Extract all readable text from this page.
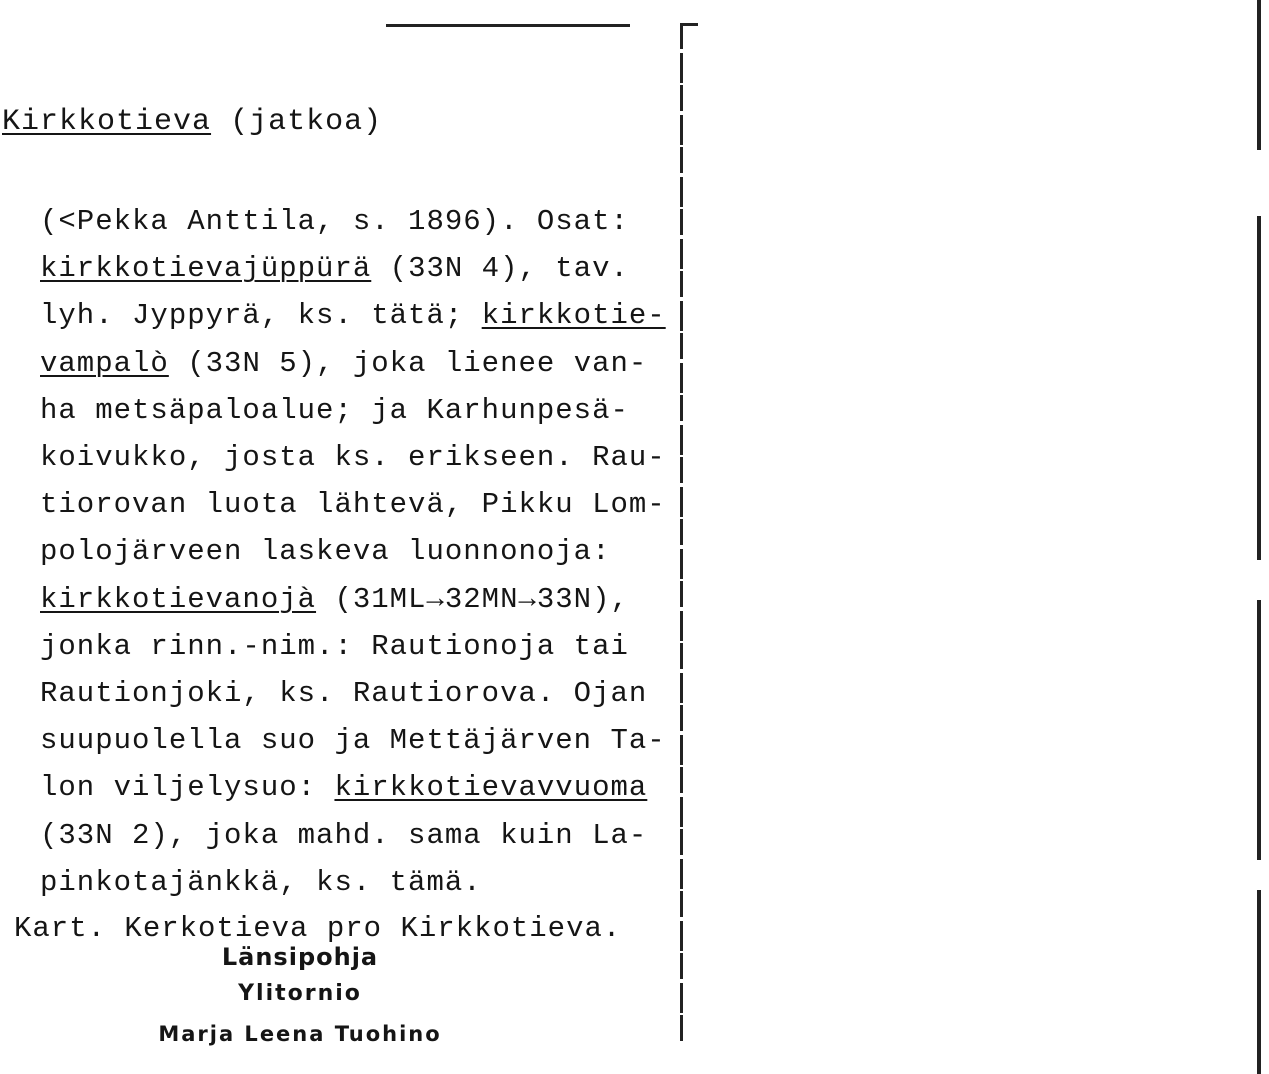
Kirkkotieva (jatkoa)
(<Pekka Anttila, s. 1896). Osat:
kirkkotievajüppürä (33N 4), tav.
lyh. Jyppyrä, ks. tätä; kirkkotie-
vampalò (33N 5), joka lienee van-
ha metsäpaloalue; ja Karhunpesä-
koivukko, josta ks. erikseen. Rau-
tiorovan luota lähtevä, Pikku Lom-
polojärveen laskeva luonnonoja:
kirkkotievanojà (31ML→32MN→33N),
jonka rinn.-nim.: Rautionoja tai
Rautionjoki, ks. Rautiorova. Ojan
suupuolella suo ja Mettäjärven Ta-
lon viljelysuo: kirkkotievavvuoma
(33N 2), joka mahd. sama kuin La-
pinkotajänkkä, ks. tämä.
Kart. Kerkotieva pro Kirkkotieva.
Länsipohja
Ylitornio
Marja Leena Tuohino
